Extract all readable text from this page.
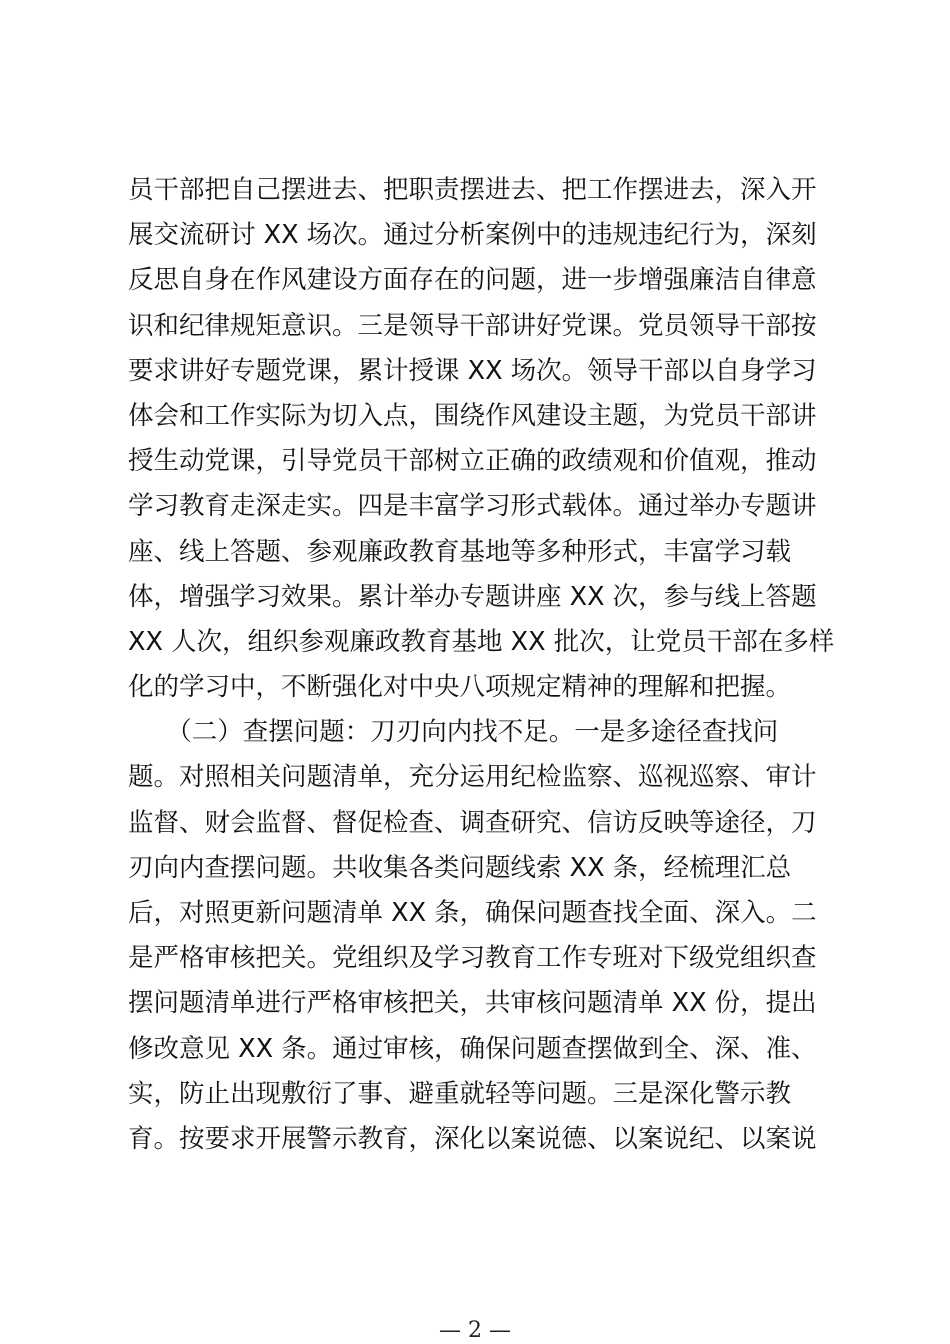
员干部把自己摆进去、把职责摆进去、把工作摆进去，深入开
展交流研讨 XX 场次。通过分析案例中的违规违纪行为，深刻
反思自身在作风建设方面存在的问题，进一步增强廉洁自律意
识和纪律规矩意识。三是领导干部讲好党课。党员领导干部按
要求讲好专题党课，累计授课 XX 场次。领导干部以自身学习
体会和工作实际为切入点，围绕作风建设主题，为党员干部讲
授生动党课，引导党员干部树立正确的政绩观和价值观，推动
学习教育走深走实。四是丰富学习形式载体。通过举办专题讲
座、线上答题、参观廉政教育基地等多种形式，丰富学习载
体，增强学习效果。累计举办专题讲座 XX 次，参与线上答题
XX 人次，组织参观廉政教育基地 XX 批次，让党员干部在多样
化的学习中，不断强化对中央八项规定精神的理解和把握。
　　（二）查摆问题：刀刃向内找不足。一是多途径查找问
题。对照相关问题清单，充分运用纪检监察、巡视巡察、审计
监督、财会监督、督促检查、调查研究、信访反映等途径，刀
刃向内查摆问题。共收集各类问题线索 XX 条，经梳理汇总
后，对照更新问题清单 XX 条，确保问题查找全面、深入。二
是严格审核把关。党组织及学习教育工作专班对下级党组织查
摆问题清单进行严格审核把关，共审核问题清单 XX 份，提出
修改意见 XX 条。通过审核，确保问题查摆做到全、深、准、
实，防止出现敷衍了事、避重就轻等问题。三是深化警示教
育。按要求开展警示教育，深化以案说德、以案说纪、以案说
— 2 —
